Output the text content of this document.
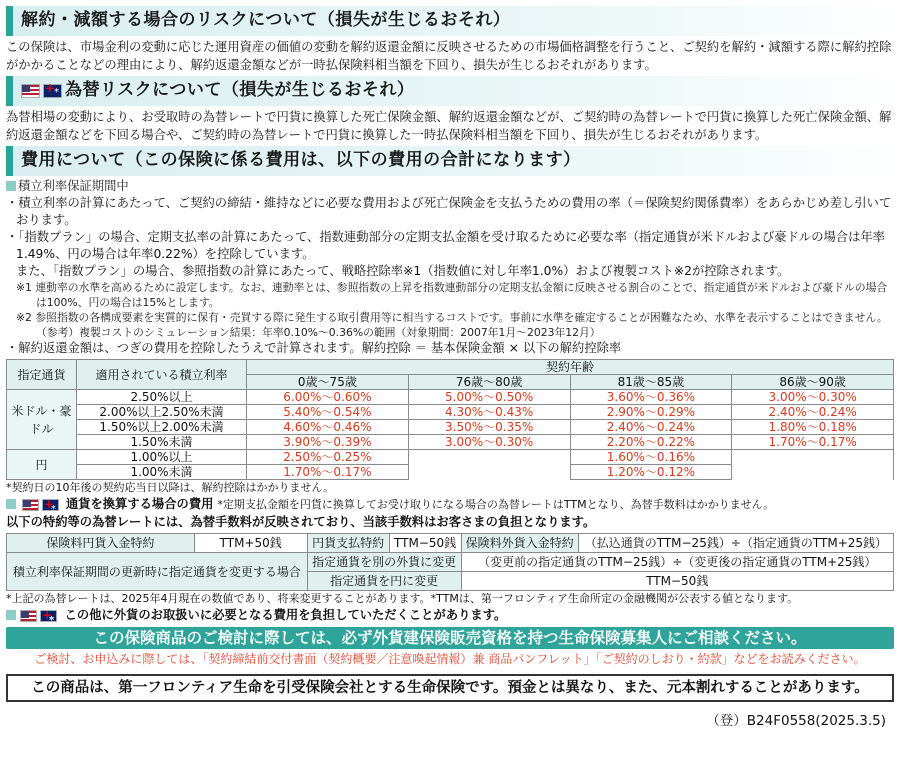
解約・減額する場合のリスクについて（損失が生じるおそれ）

この保険は、市場金利の変動に応じた運用資産の価値の変動を解約返還金額に反映させるための市場価格調整を行うこと、ご契約を解約・減額する際に解約控除がかかることなどの理由により、解約返還金額などが一時払保険料相当額を下回り、損失が生じるおそれがあります。

+ *
為替リスクについて（損失が生じるおそれ）

為替相場の変動により、お受取時の為替レートで円貨に換算した死亡保険金額、解約返還金額などが、ご契約時の為替レートで円貨に換算した死亡保険金額、解約返還金額などを下回る場合や、ご契約時の為替レートで円貨に換算した一時払保険料相当額を下回り、損失が生じるおそれがあります。

費用について（この保険に係る費用は、以下の費用の合計になります）
積立利率保証期間中
・積立利率の計算にあたって、ご契約の締結・維持などに必要な費用および死亡保険金を支払うための費用の率（＝保険契約関係費率）をあらかじめ差し引いております。
・「指数プラン」の場合、定期支払率の計算にあたって、指数連動部分の定期支払金額を受け取るために必要な率（指定通貨が米ドルおよび豪ドルの場合は年率1.49%、円の場合は年率0.22%）を控除しています。
また、「指数プラン」の場合、参照指数の計算にあたって、戦略控除率※1（指数値に対し年率1.0%）および複製コスト※2が控除されます。
※1 連動率の水準を高めるために設定します。なお、連動率とは、参照指数の上昇を指数連動部分の定期支払金額に反映させる割合のことで、指定通貨が米ドルおよび豪ドルの場合は100%、円の場合は15%とします。
※2 参照指数の各構成要素を実質的に保有・売買する際に発生する取引費用等に相当するコストです。事前に水準を確定することが困難なため、水準を表示することはできません。（参考）複製コストのシミュレーション結果：年率0.10%〜0.36%の範囲（対象期間：2007年1月〜2023年12月）
・解約返還金額は、つぎの費用を控除したうえで計算されます。解約控除 ＝ 基本保険金額 × 以下の解約控除率
指定通貨	適用されている積立利率	契約年齢			
		0歳〜75歳	76歳〜80歳	81歳〜85歳	86歳〜90歳
米ドル・豪ドル	2.50%以上	6.00%〜0.60%	5.00%〜0.50%	3.60%〜0.36%	3.00%〜0.30%
	2.00%以上2.50%未満	5.40%〜0.54%	4.30%〜0.43%	2.90%〜0.29%	2.40%〜0.24%
	1.50%以上2.00%未満	4.60%〜0.46%	3.50%〜0.35%	2.40%〜0.24%	1.80%〜0.18%
	1.50%未満	3.90%〜0.39%	3.00%〜0.30%	2.20%〜0.22%	1.70%〜0.17%
円	1.00%以上	2.50%〜0.25%		1.60%〜0.16%	
	1.00%未満	1.70%〜0.17%		1.20%〜0.12%	
*契約日の10年後の契約応当日以降は、解約控除はかかりません。
+ * 通貨を換算する場合の費用 *定期支払金額を円貨に換算してお受け取りになる場合の為替レートはTTMとなり、為替手数料はかかりません。
以下の特約等の為替レートには、為替手数料が反映されており、当該手数料はお客さまの負担となります。
保険料円貨入金特約	TTM+50銭	円貨支払特約	TTM−50銭	保険料外貨入金特約	（払込通貨のTTM−25銭）÷（指定通貨のTTM+25銭）
積立利率保証期間の更新時に指定通貨を変更する場合		指定通貨を別の外貨に変更		（変更前の指定通貨のTTM−25銭）÷（変更後の指定通貨のTTM+25銭）	
		指定通貨を円に変更		TTM−50銭	
*上記の為替レートは、2025年4月現在の数値であり、将来変更することがあります。*TTMは、第一フロンティア生命所定の金融機関が公表する値となります。
+ * この他に外貨のお取扱いに必要となる費用を負担していただくことがあります。
この保険商品のご検討に際しては、必ず外貨建保険販売資格を持つ生命保険募集人にご相談ください。
ご検討、お申込みに際しては、「契約締結前交付書面（契約概要／注意喚起情報）兼 商品パンフレット」「ご契約のしおり・約款」などをお読みください。
この商品は、第一フロンティア生命を引受保険会社とする生命保険です。預金とは異なり、また、元本割れすることがあります。
（登）B24F0558(2025.3.5)
